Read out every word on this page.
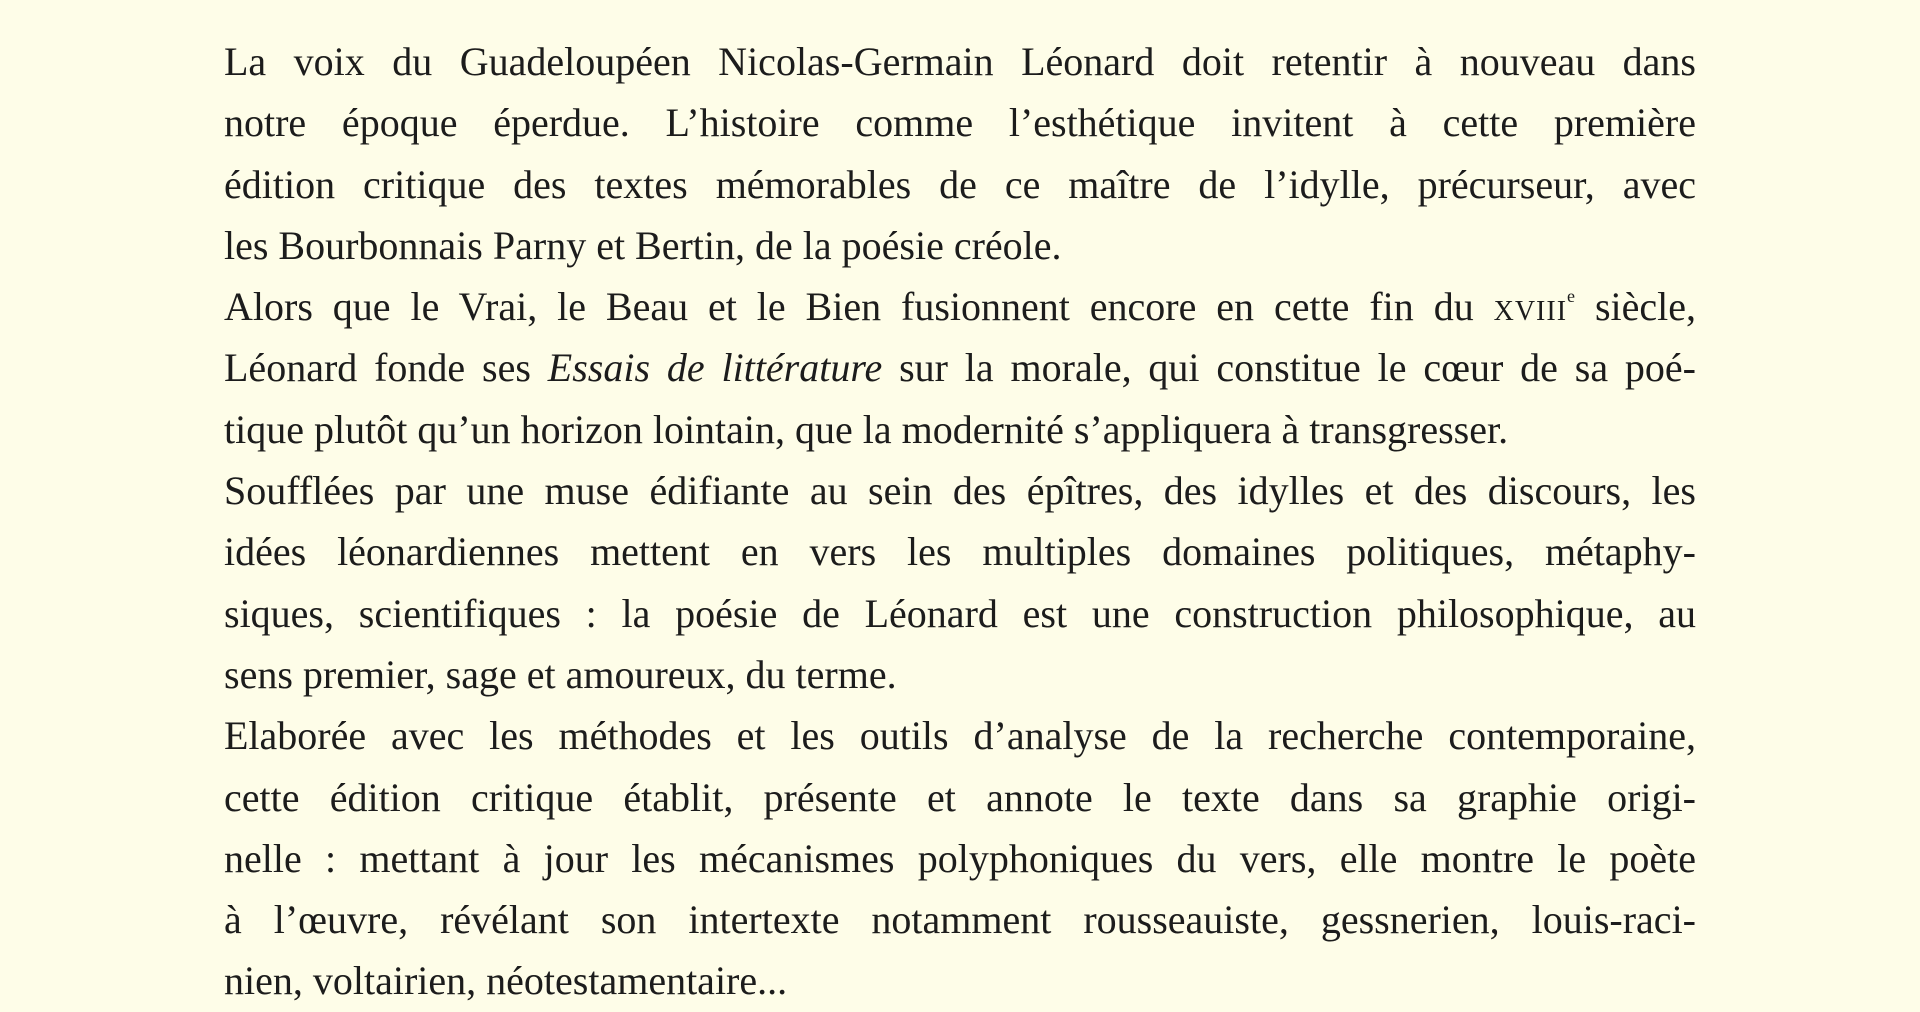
La voix du Guadeloupéen Nicolas-Germain Léonard doit retentir à nouveau dans
notre époque éperdue. L’histoire comme l’esthétique invitent à cette première
édition critique des textes mémorables de ce maître de l’idylle, précurseur, avec
les Bourbonnais Parny et Bertin, de la poésie créole.
Alors que le Vrai, le Beau et le Bien fusionnent encore en cette fin du xviii$^e$ siècle,
Léonard fonde ses Essais de littérature sur la morale, qui constitue le cœur de sa poé-
tique plutôt qu’un horizon lointain, que la modernité s’appliquera à transgresser.
Soufflées par une muse édifiante au sein des épîtres, des idylles et des discours, les
idées léonardiennes mettent en vers les multiples domaines politiques, métaphy-
siques, scientifiques : la poésie de Léonard est une construction philosophique, au
sens premier, sage et amoureux, du terme.
Elaborée avec les méthodes et les outils d’analyse de la recherche contemporaine,
cette édition critique établit, présente et annote le texte dans sa graphie origi-
nelle : mettant à jour les mécanismes polyphoniques du vers, elle montre le poète
à l’œuvre, révélant son intertexte notamment rousseauiste, gessnerien, louis-raci-
nien, voltairien, néotestamentaire...
